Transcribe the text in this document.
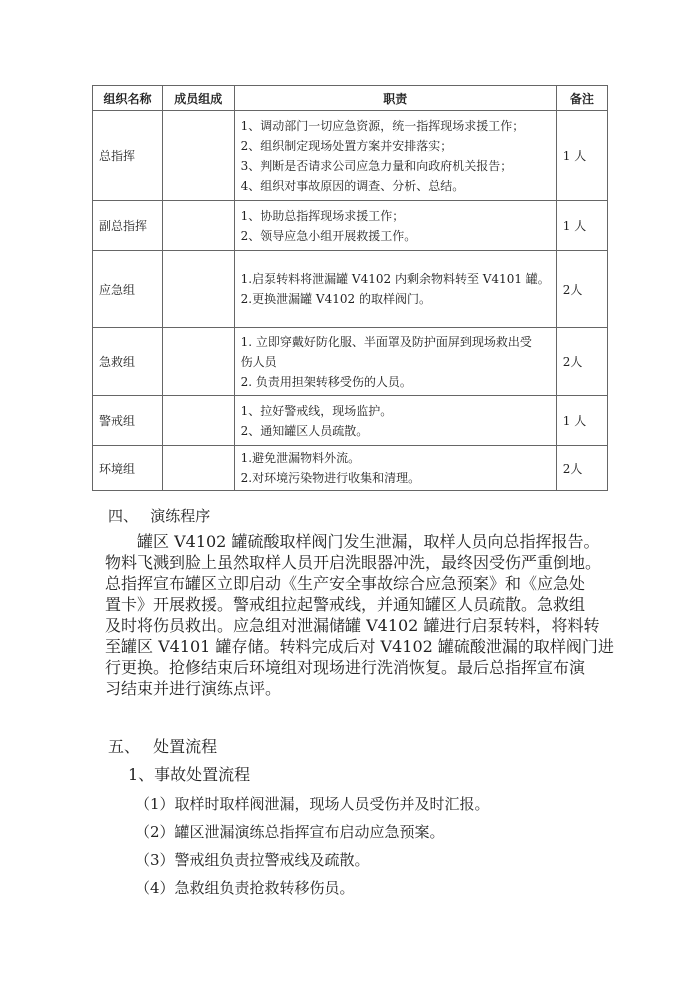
组织名称	成员组成	职责	备注
总指挥		1、调动部门一切应急资源，统一指挥现场求援工作；
2、组织制定现场处置方案并安排落实；
3、判断是否请求公司应急力量和向政府机关报告；
4、组织对事故原因的调查、分析、总结。	1 人
副总指挥		1、协助总指挥现场求援工作；
2、领导应急小组开展救援工作。	1 人
应急组		1.启泵转料将泄漏罐 V4102 内剩余物料转至 V4101 罐。
2.更换泄漏罐 V4102 的取样阀门。	2人
急救组		1. 立即穿戴好防化服、半面罩及防护面屏到现场救出受
伤人员
2. 负责用担架转移受伤的人员。	2人
警戒组		1、拉好警戒线，现场监护。
2、通知罐区人员疏散。	1 人
环境组		1.避免泄漏物料外流。
2.对环境污染物进行收集和清理。	2人
四、　 演练程序
　　罐区 V4102 罐硫酸取样阀门发生泄漏，取样人员向总指挥报告。
物料飞溅到脸上虽然取样人员开启洗眼器冲洗，最终因受伤严重倒地。
总指挥宣布罐区立即启动《生产安全事故综合应急预案》和《应急处
置卡》开展救援。警戒组拉起警戒线，并通知罐区人员疏散。急救组
及时将伤员救出。应急组对泄漏储罐 V4102 罐进行启泵转料，将料转
至罐区 V4101 罐存储。转料完成后对 V4102 罐硫酸泄漏的取样阀门进
行更换。抢修结束后环境组对现场进行洗消恢复。最后总指挥宣布演
习结束并进行演练点评。
五、　 处置流程
1、事故处置流程
（1）取样时取样阀泄漏，现场人员受伤并及时汇报。
（2）罐区泄漏演练总指挥宣布启动应急预案。
（3）警戒组负责拉警戒线及疏散。
（4）急救组负责抢救转移伤员。
